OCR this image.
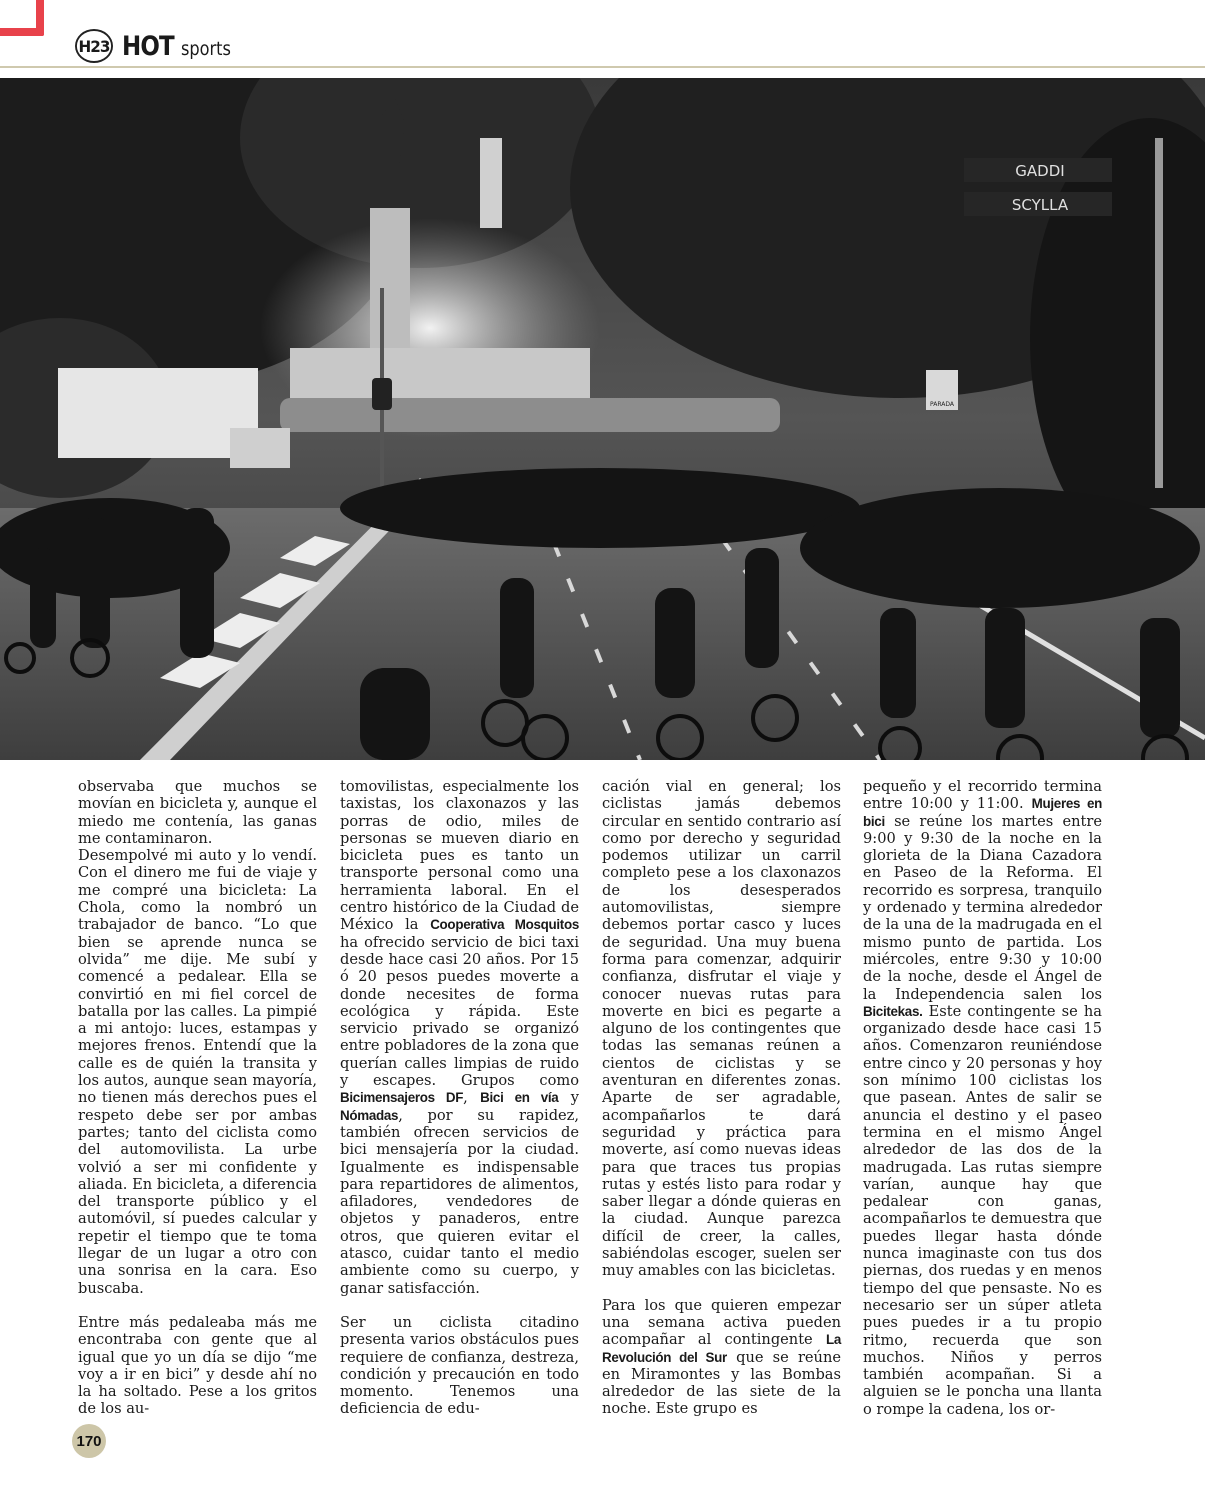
H23 HOT sports
GADDI
SCYLLA
PARADA

observaba que muchos se movían en bicicleta y, aunque el miedo me contenía, las ganas me contaminaron.

Desempolvé mi auto y lo vendí. Con el dinero me fui de viaje y me compré una bicicleta: La Chola, como la nombró un trabajador de banco. “Lo que bien se aprende nunca se olvida” me dije. Me subí y comencé a pedalear. Ella se convirtió en mi fiel corcel de batalla por las calles. La pimpié a mi antojo: luces, estampas y mejores frenos. Entendí que la calle es de quién la transita y los autos, aunque sean mayoría, no tienen más derechos pues el respeto debe ser por ambas partes; tanto del ciclista como del automovilista. La urbe volvió a ser mi confidente y aliada. En bicicleta, a diferencia del transporte público y el automóvil, sí puedes calcular y repetir el tiempo que te toma llegar de un lugar a otro con una sonrisa en la cara. Eso buscaba.

Entre más pedaleaba más me encontraba con gente que al igual que yo un día se dijo “me voy a ir en bici” y desde ahí no la ha soltado. Pese a los gritos de los au-

tomovilistas, especialmente los taxistas, los claxonazos y las porras de odio, miles de personas se mueven diario en bicicleta pues es tanto un transporte personal como una herramienta laboral. En el centro histórico de la Ciudad de México la Cooperativa Mosquitos ha ofrecido servicio de bici taxi desde hace casi 20 años. Por 15 ó 20 pesos puedes moverte a donde necesites de forma ecológica y rápida. Este servicio privado se organizó entre pobladores de la zona que querían calles limpias de ruido y escapes. Grupos como Bicimensajeros DF, Bici en vía y Nómadas, por su rapidez, también ofrecen servicios de bici mensajería por la ciudad. Igualmente es indispensable para repartidores de alimentos, afiladores, vendedores de objetos y panaderos, entre otros, que quieren evitar el atasco, cuidar tanto el medio ambiente como su cuerpo, y ganar satisfacción.

Ser un ciclista citadino presenta varios obstáculos pues requiere de confianza, destreza, condición y precaución en todo momento. Tenemos una deficiencia de edu-

cación vial en general; los ciclistas jamás debemos circular en sentido contrario así como por derecho y seguridad podemos utilizar un carril completo pese a los claxonazos de los desesperados automovilistas, siempre debemos portar casco y luces de seguridad. Una muy buena forma para comenzar, adquirir confianza, disfrutar el viaje y conocer nuevas rutas para moverte en bici es pegarte a alguno de los contingentes que todas las semanas reúnen a cientos de ciclistas y se aventuran en diferentes zonas. Aparte de ser agradable, acompañarlos te dará seguridad y práctica para moverte, así como nuevas ideas para que traces tus propias rutas y estés listo para rodar y saber llegar a dónde quieras en la ciudad. Aunque parezca difícil de creer, la calles, sabiéndolas escoger, suelen ser muy amables con las bicicletas.

Para los que quieren empezar una semana activa pueden acompañar al contingente La Revolución del Sur que se reúne en Miramontes y las Bombas alrededor de las siete de la noche. Este grupo es

pequeño y el recorrido termina entre 10:00 y 11:00. Mujeres en bici se reúne los martes entre 9:00 y 9:30 de la noche en la glorieta de la Diana Cazadora en Paseo de la Reforma. El recorrido es sorpresa, tranquilo y ordenado y termina alrededor de la una de la madrugada en el mismo punto de partida. Los miércoles, entre 9:30 y 10:00 de la noche, desde el Ángel de la Independencia salen los Bicitekas. Este contingente se ha organizado desde hace casi 15 años. Comenzaron reuniéndose entre cinco y 20 personas y hoy son mínimo 100 ciclistas los que pasean. Antes de salir se anuncia el destino y el paseo termina en el mismo Ángel alrededor de las dos de la madrugada. Las rutas siempre varían, aunque hay que pedalear con ganas, acompañarlos te demuestra que puedes llegar hasta dónde nunca imaginaste con tus dos piernas, dos ruedas y en menos tiempo del que pensaste. No es necesario ser un súper atleta pues puedes ir a tu propio ritmo, recuerda que son muchos. Niños y perros también acompañan. Si a alguien se le poncha una llanta o rompe la cadena, los or-

170
